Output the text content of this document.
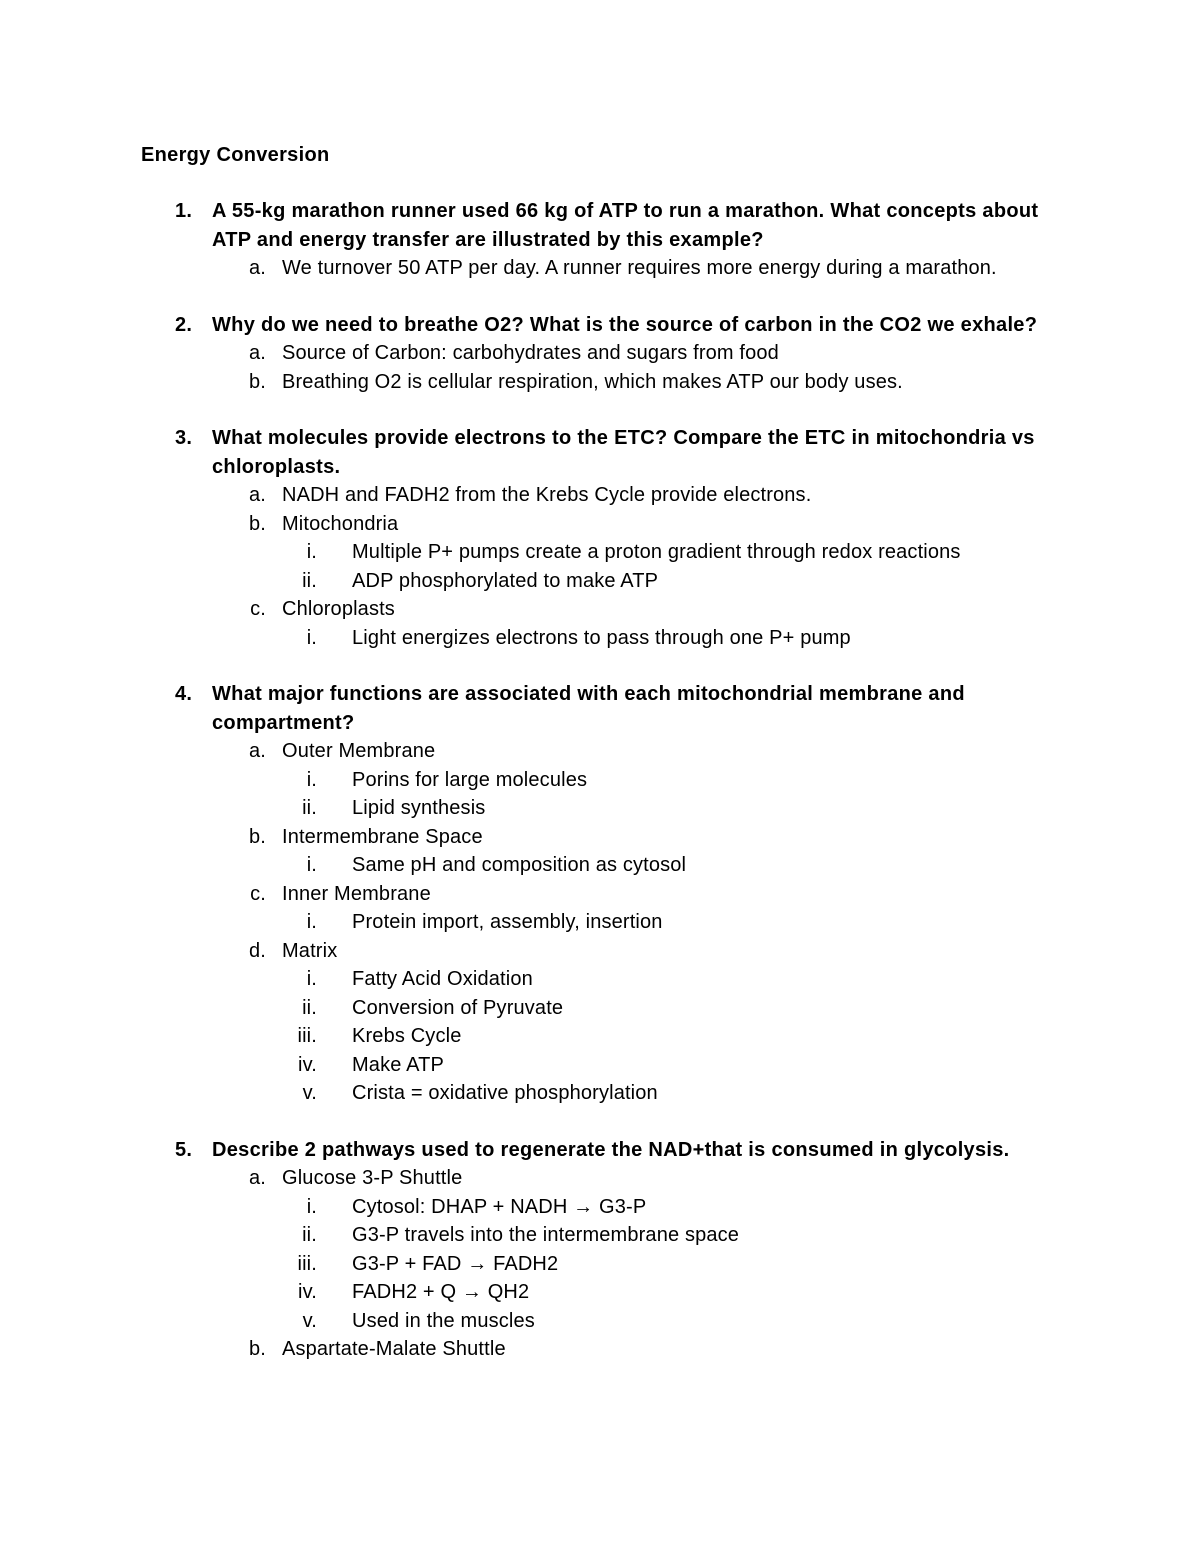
Energy Conversion
1. A 55-kg marathon runner used 66 kg of ATP to run a marathon. What concepts about ATP and energy transfer are illustrated by this example?
a. We turnover 50 ATP per day. A runner requires more energy during a marathon.
2. Why do we need to breathe O2? What is the source of carbon in the CO2 we exhale?
a. Source of Carbon: carbohydrates and sugars from food
b. Breathing O2 is cellular respiration, which makes ATP our body uses.
3. What molecules provide electrons to the ETC? Compare the ETC in mitochondria vs chloroplasts.
a. NADH and FADH2 from the Krebs Cycle provide electrons.
b. Mitochondria
i. Multiple P+ pumps create a proton gradient through redox reactions
ii. ADP phosphorylated to make ATP
c. Chloroplasts
i. Light energizes electrons to pass through one P+ pump
4. What major functions are associated with each mitochondrial membrane and compartment?
a. Outer Membrane
i. Porins for large molecules
ii. Lipid synthesis
b. Intermembrane Space
i. Same pH and composition as cytosol
c. Inner Membrane
i. Protein import, assembly, insertion
d. Matrix
i. Fatty Acid Oxidation
ii. Conversion of Pyruvate
iii. Krebs Cycle
iv. Make ATP
v. Crista = oxidative phosphorylation
5. Describe 2 pathways used to regenerate the NAD+that is consumed in glycolysis.
a. Glucose 3-P Shuttle
i. Cytosol: DHAP + NADH → G3-P
ii. G3-P travels into the intermembrane space
iii. G3-P + FAD → FADH2
iv. FADH2 + Q → QH2
v. Used in the muscles
b. Aspartate-Malate Shuttle
